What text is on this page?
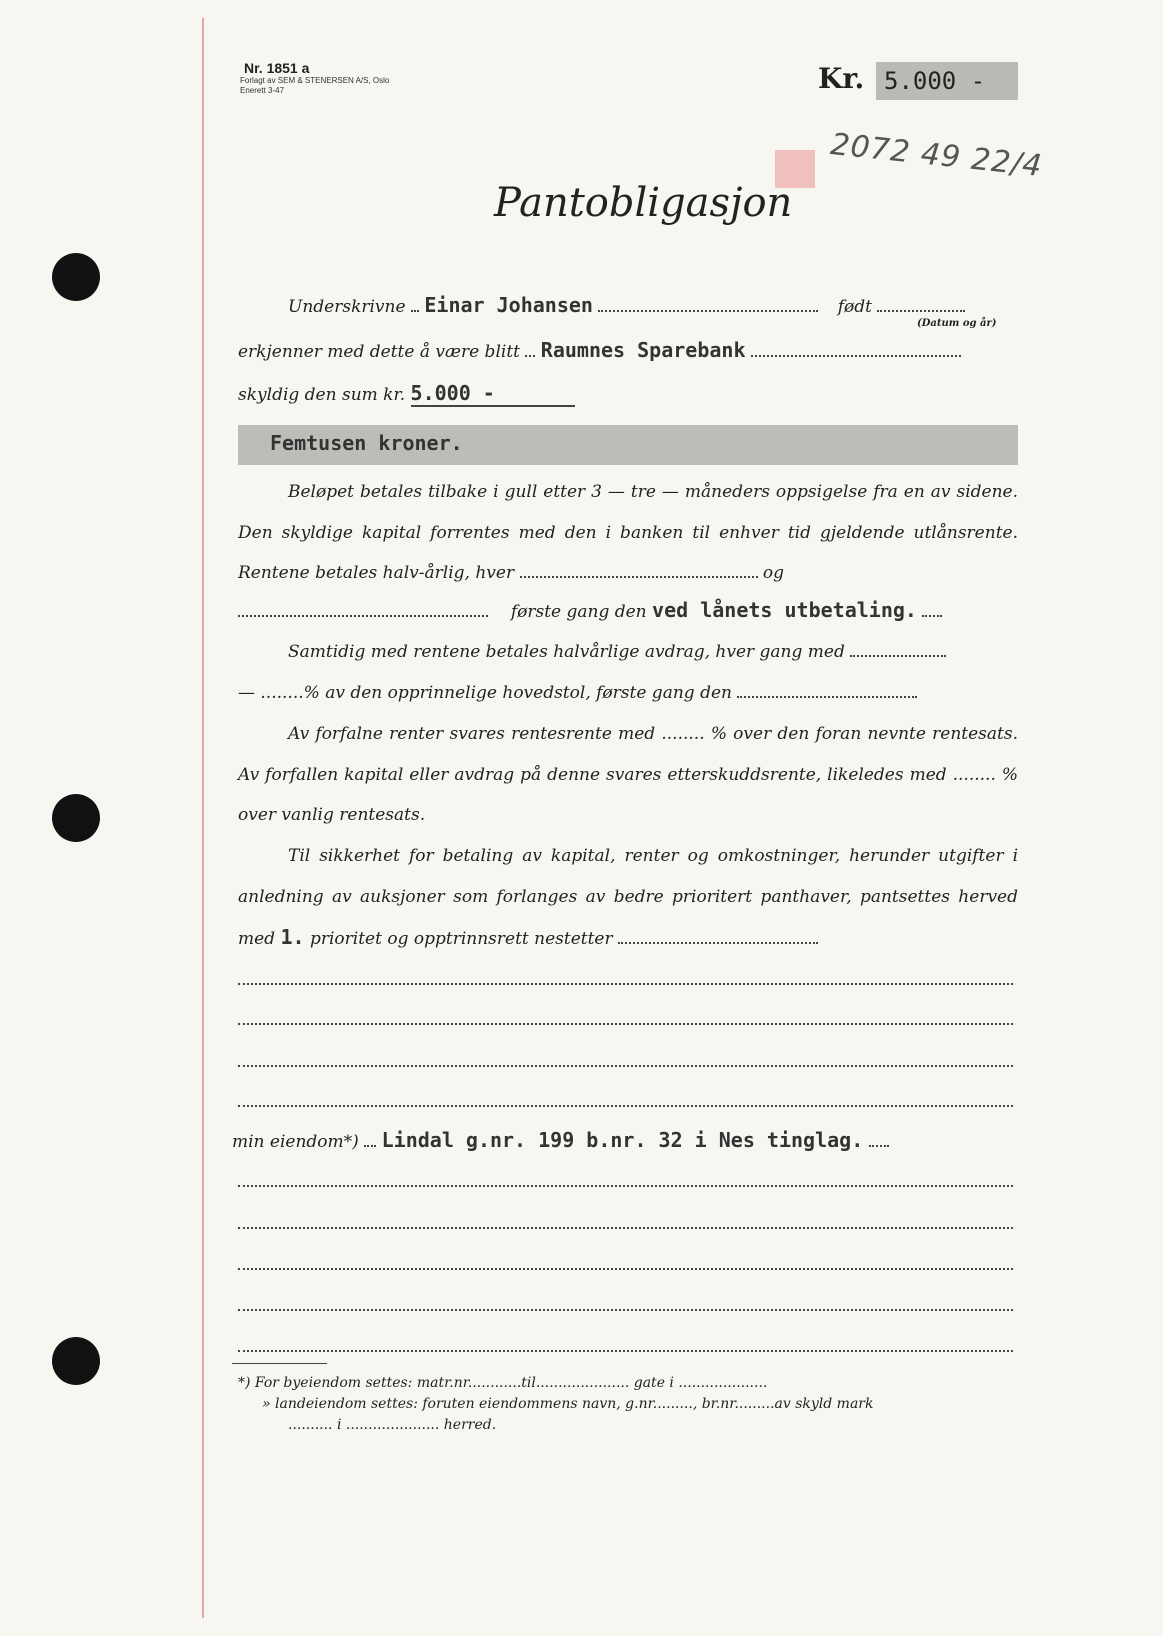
Nr. 1851 a
Forlagt av SEM & STENERSEN A/S, Oslo
Enerett 3-47	Kr. 5.000 -
2072 49 22/4
Pantobligasjon
Underskrivne Einar Johansen	født
(Datum og år)
erkjenner med dette å være blitt Raumnes Sparebank
skyldig den sum kr. 5.000 -
Femtusen kroner.
Beløpet betales tilbake i gull etter 3 — tre — måneders oppsigelse fra en av sidene. Den skyldige kapital forrentes med den i banken til enhver tid gjeldende utlånsrente. Rentene betales halv-årlig, hver	og
første gang den ved lånets utbetaling.
Samtidig med rentene betales halvårlige avdrag, hver gang med
— ........% av den opprinnelige hovedstol, første gang den
Av forfalne renter svares rentesrente med ........ % over den foran nevnte rentesats. Av forfallen kapital eller avdrag på denne svares etterskuddsrente, likeledes med ........ % over vanlig rentesats.
Til sikkerhet for betaling av kapital, renter og omkostninger, herunder utgifter i anledning av auksjoner som forlanges av bedre prioritert panthaver, pantsettes herved med 1. prioritet og opptrinnsrett nestetter
min eiendom*) Lindal g.nr. 199 b.nr. 32 i Nes tinglag.
*) For byeiendom settes: matr.nr............til..................... gate i ....................
» landeiendom settes: foruten eiendommens navn, g.nr........., br.nr.........av skyld mark
.......... i ..................... herred.
